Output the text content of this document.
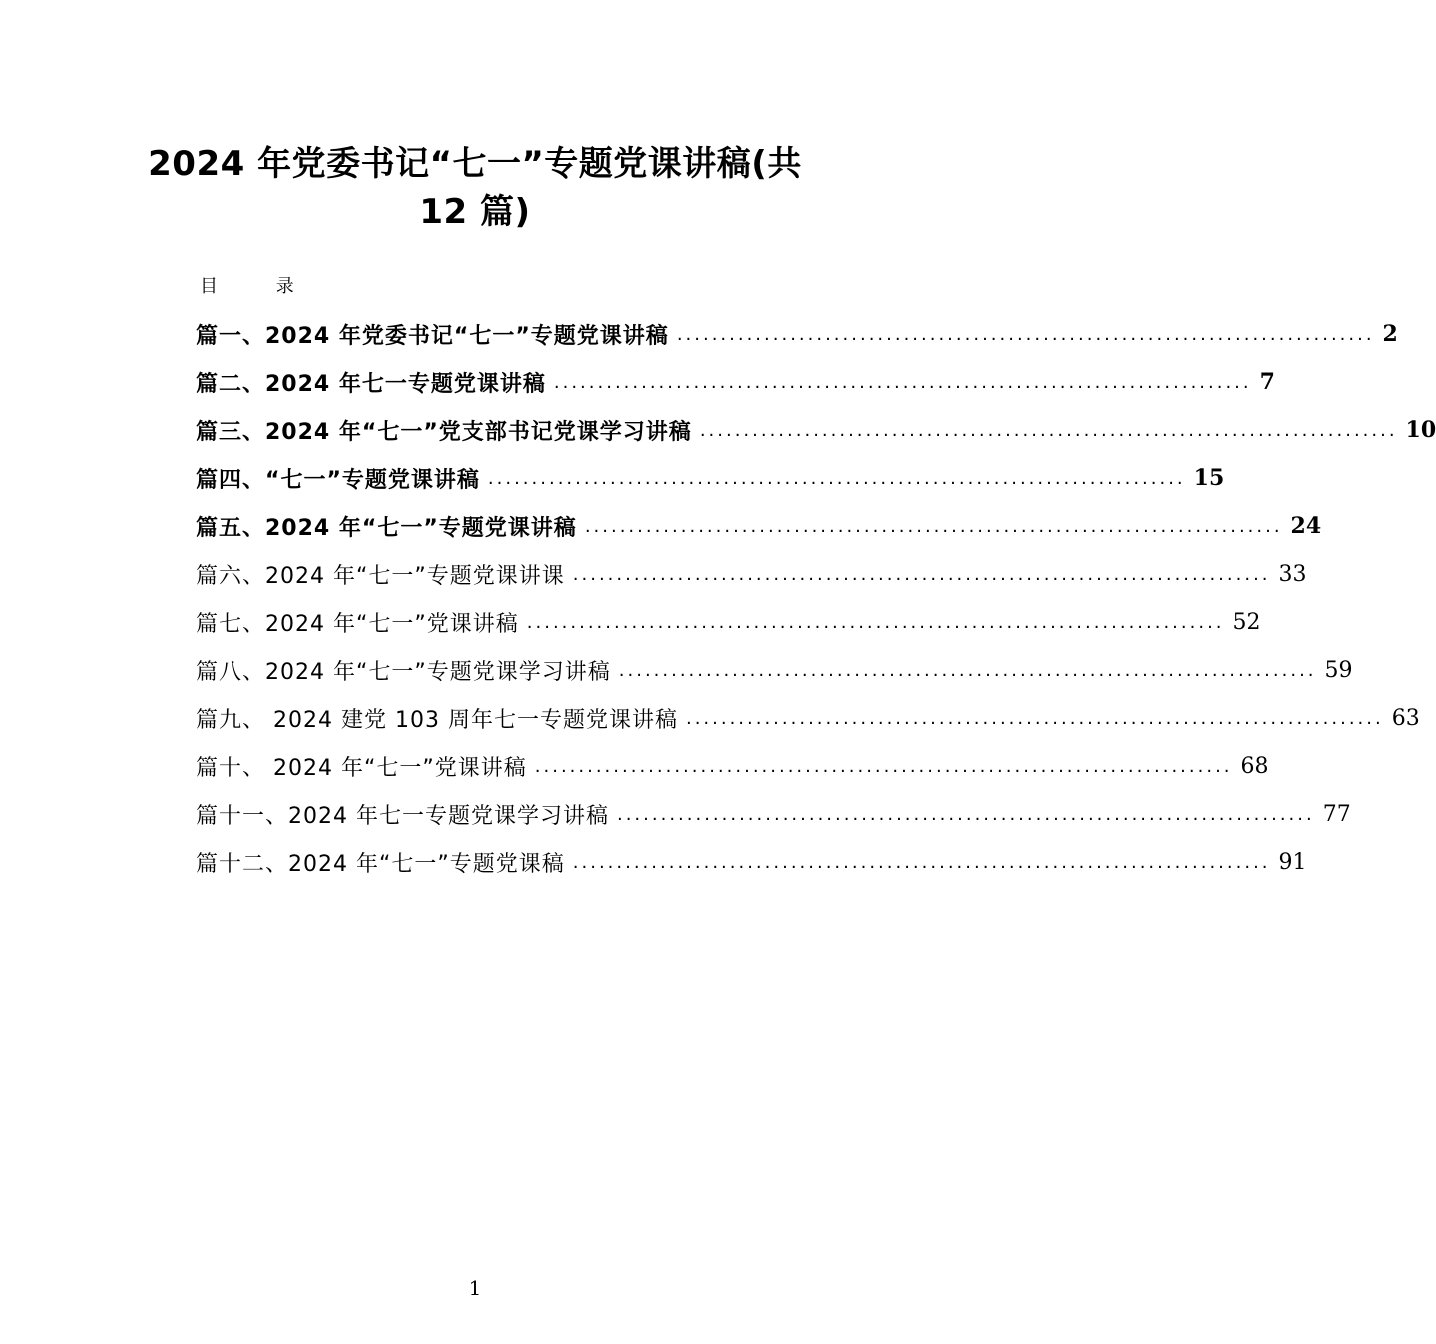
2024 年党委书记“七一”专题党课讲稿(共
12 篇)
目 录
篇一、2024 年党委书记“七一”专题党课讲稿 ................................................................................ 2
篇二、2024 年七一专题党课讲稿 ................................................................................ 7
篇三、2024 年“七一”党支部书记党课学习讲稿 ................................................................................ 10
篇四、“七一”专题党课讲稿 ................................................................................ 15
篇五、2024 年“七一”专题党课讲稿 ................................................................................ 24
篇六、2024 年“七一”专题党课讲课 ................................................................................ 33
篇七、2024 年“七一”党课讲稿 ................................................................................ 52
篇八、2024 年“七一”专题党课学习讲稿 ................................................................................ 59
篇九、 2024 建党 103 周年七一专题党课讲稿 ................................................................................ 63
篇十、 2024 年“七一”党课讲稿 ................................................................................ 68
篇十一、2024 年七一专题党课学习讲稿 ................................................................................ 77
篇十二、2024 年“七一”专题党课稿 ................................................................................ 91
1
